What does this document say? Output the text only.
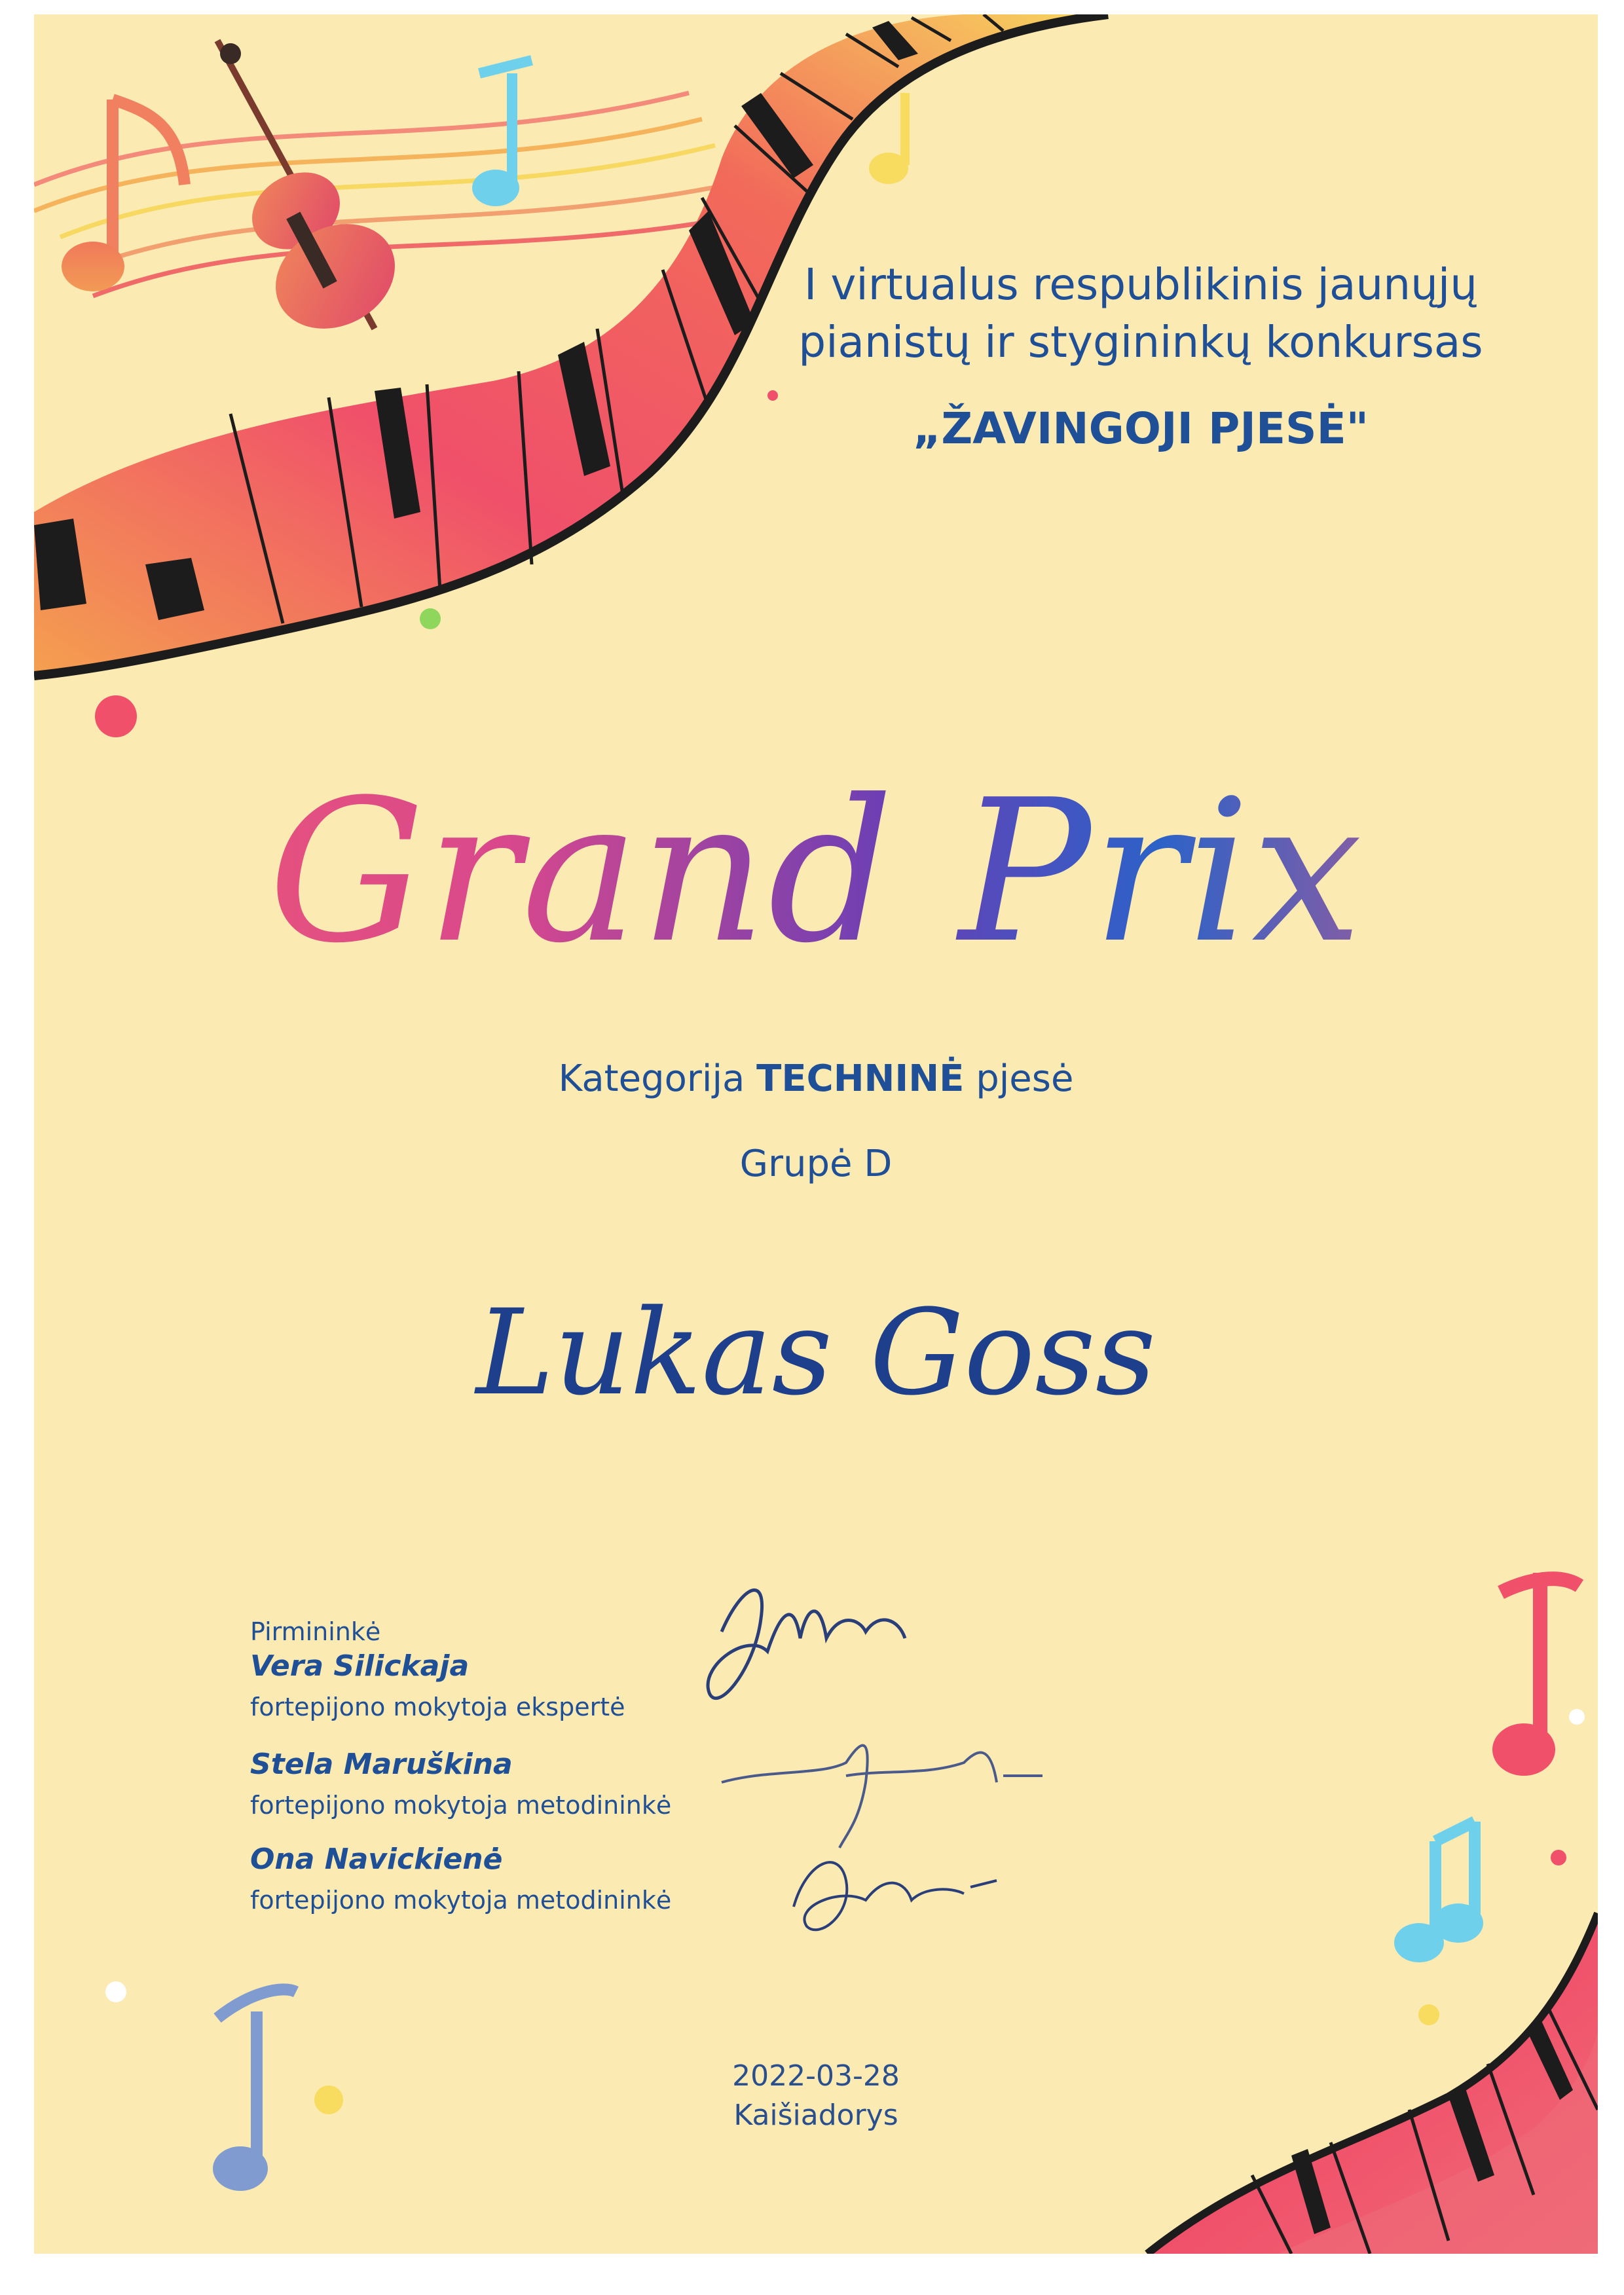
I virtualus respublikinis jaunųjų
pianistų ir stygininkų konkursas
„ŽAVINGOJI PJESĖ"
Grand Prix
Kategorija TECHNINĖ pjesė
Grupė D
Lukas Goss
Pirmininkė
Vera Silickaja
fortepijono mokytoja ekspertė
Stela Maruškina
fortepijono mokytoja metodininkė
Ona Navickienė
fortepijono mokytoja metodininkė
2022-03-28
Kaišiadorys
